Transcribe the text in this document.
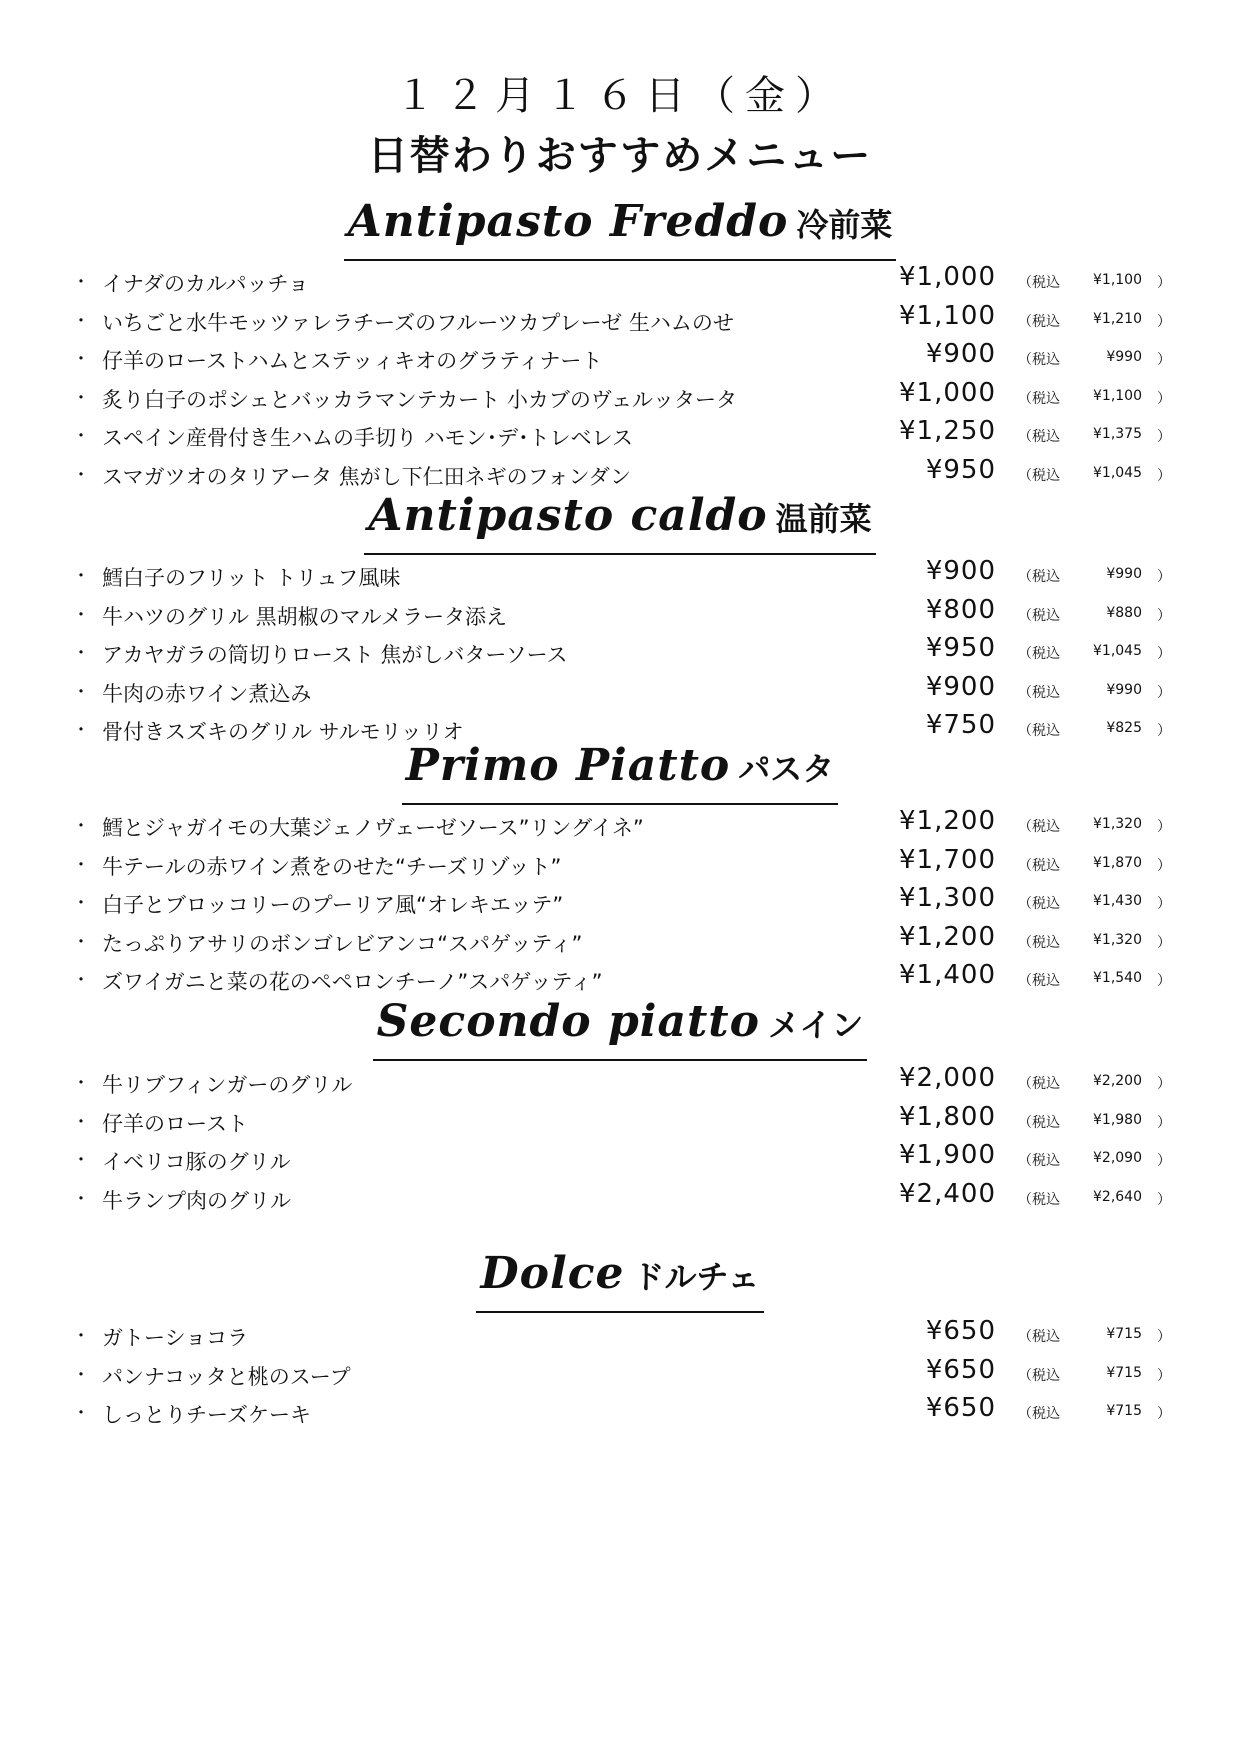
１２月１６日（金）
日替わりおすすめメニュー
Antipasto Freddo 冷前菜
・ イナダのカルパッチョ	¥1,000 （ 税込 ¥1,100 ）
・ いちごと水牛モッツァレラチーズのフルーツカプレーゼ 生ハムのせ	¥1,100 （ 税込 ¥1,210 ）
・ 仔羊のローストハムとステッィキオのグラティナート	¥900 （ 税込	¥990 ）
・ 炙り白子のポシェとバッカラマンテカート 小カブのヴェルッタータ	¥1,000 （ 税込 ¥1,100 ）
・ スペイン産骨付き生ハムの手切り ハモン･デ･トレベレス	¥1,250 （ 税込 ¥1,375 ）
・ スマガツオのタリアータ 焦がし下仁田ネギのフォンダン	¥950 （ 税込 ¥1,045 ）
Antipasto caldo 温前菜
・ 鱈白子のフリット トリュフ風味	¥900 （ 税込	¥990 ）
・ 牛ハツのグリル 黒胡椒のマルメラータ添え	¥800 （ 税込	¥880 ）
・ アカヤガラの筒切りロースト 焦がしバターソース	¥950 （ 税込 ¥1,045 ）
・ 牛肉の赤ワイン煮込み	¥900 （ 税込	¥990 ）
・ 骨付きスズキのグリル サルモリッリオ	¥750 （ 税込	¥825 ）
Primo Piatto パスタ
・ 鱈とジャガイモの大葉ジェノヴェーゼソース”リングイネ”	¥1,200 （ 税込 ¥1,320 ）
・ 牛テールの赤ワイン煮をのせた“チーズリゾット”	¥1,700 （ 税込 ¥1,870 ）
・ 白子とブロッコリーのプーリア風“オレキエッテ”	¥1,300 （ 税込 ¥1,430 ）
・ たっぷりアサリのボンゴレビアンコ“スパゲッティ”	¥1,200 （ 税込 ¥1,320 ）
・ ズワイガニと菜の花のペペロンチーノ”スパゲッティ”	¥1,400 （ 税込 ¥1,540 ）
Secondo piatto メイン
・ 牛リブフィンガーのグリル	¥2,000 （ 税込 ¥2,200 ）
・ 仔羊のロースト	¥1,800 （ 税込 ¥1,980 ）
・ イベリコ豚のグリル	¥1,900 （ 税込 ¥2,090 ）
・ 牛ランプ肉のグリル	¥2,400 （ 税込 ¥2,640 ）
Dolce ドルチェ
・ ガトーショコラ	¥650 （ 税込	¥715 ）
・ パンナコッタと桃のスープ	¥650 （ 税込	¥715 ）
・ しっとりチーズケーキ	¥650 （ 税込	¥715 ）
